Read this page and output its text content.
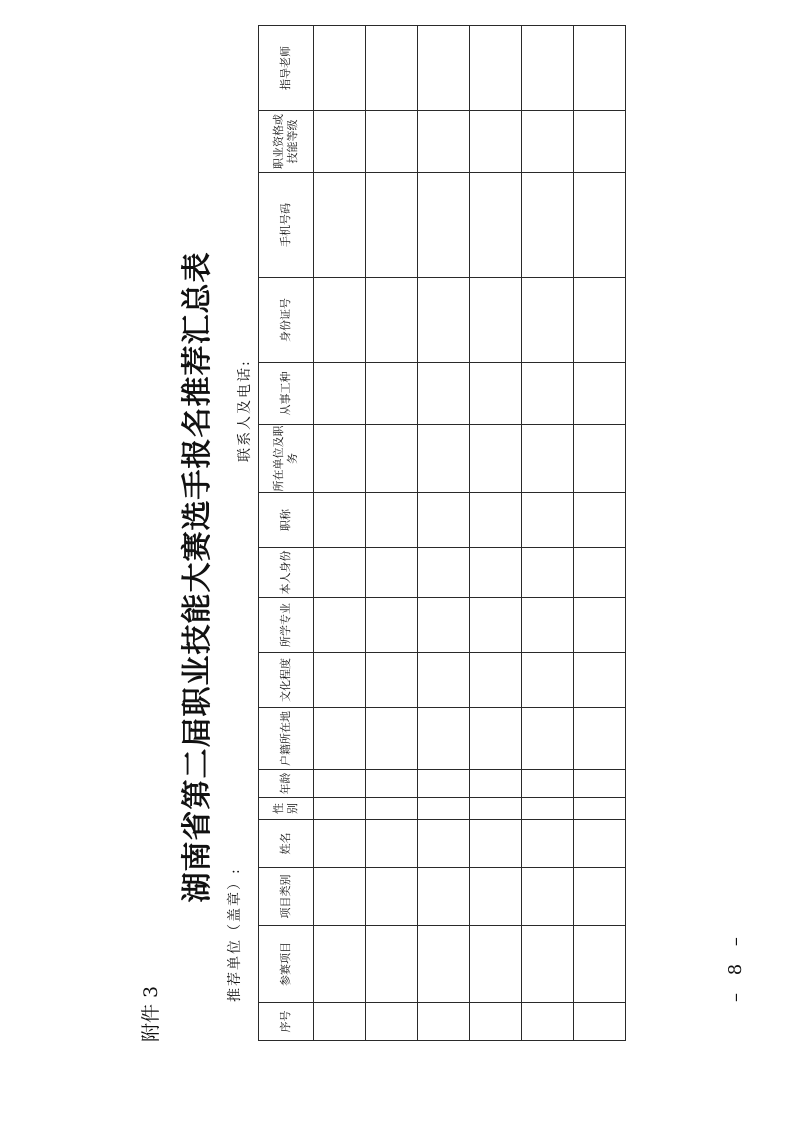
附件 3
湖南省第二届职业技能大赛选手报名推荐汇总表
推荐单位（盖章）:
联系人及电话:
序号	参赛项目	项目类别	姓名	性别	年龄	户籍所在地	文化程度	所学专业	本人身份	职称	所在单位及职务	从事工种	身份证号	手机号码	职业资格或技能等级	指导老师

– 8 –
